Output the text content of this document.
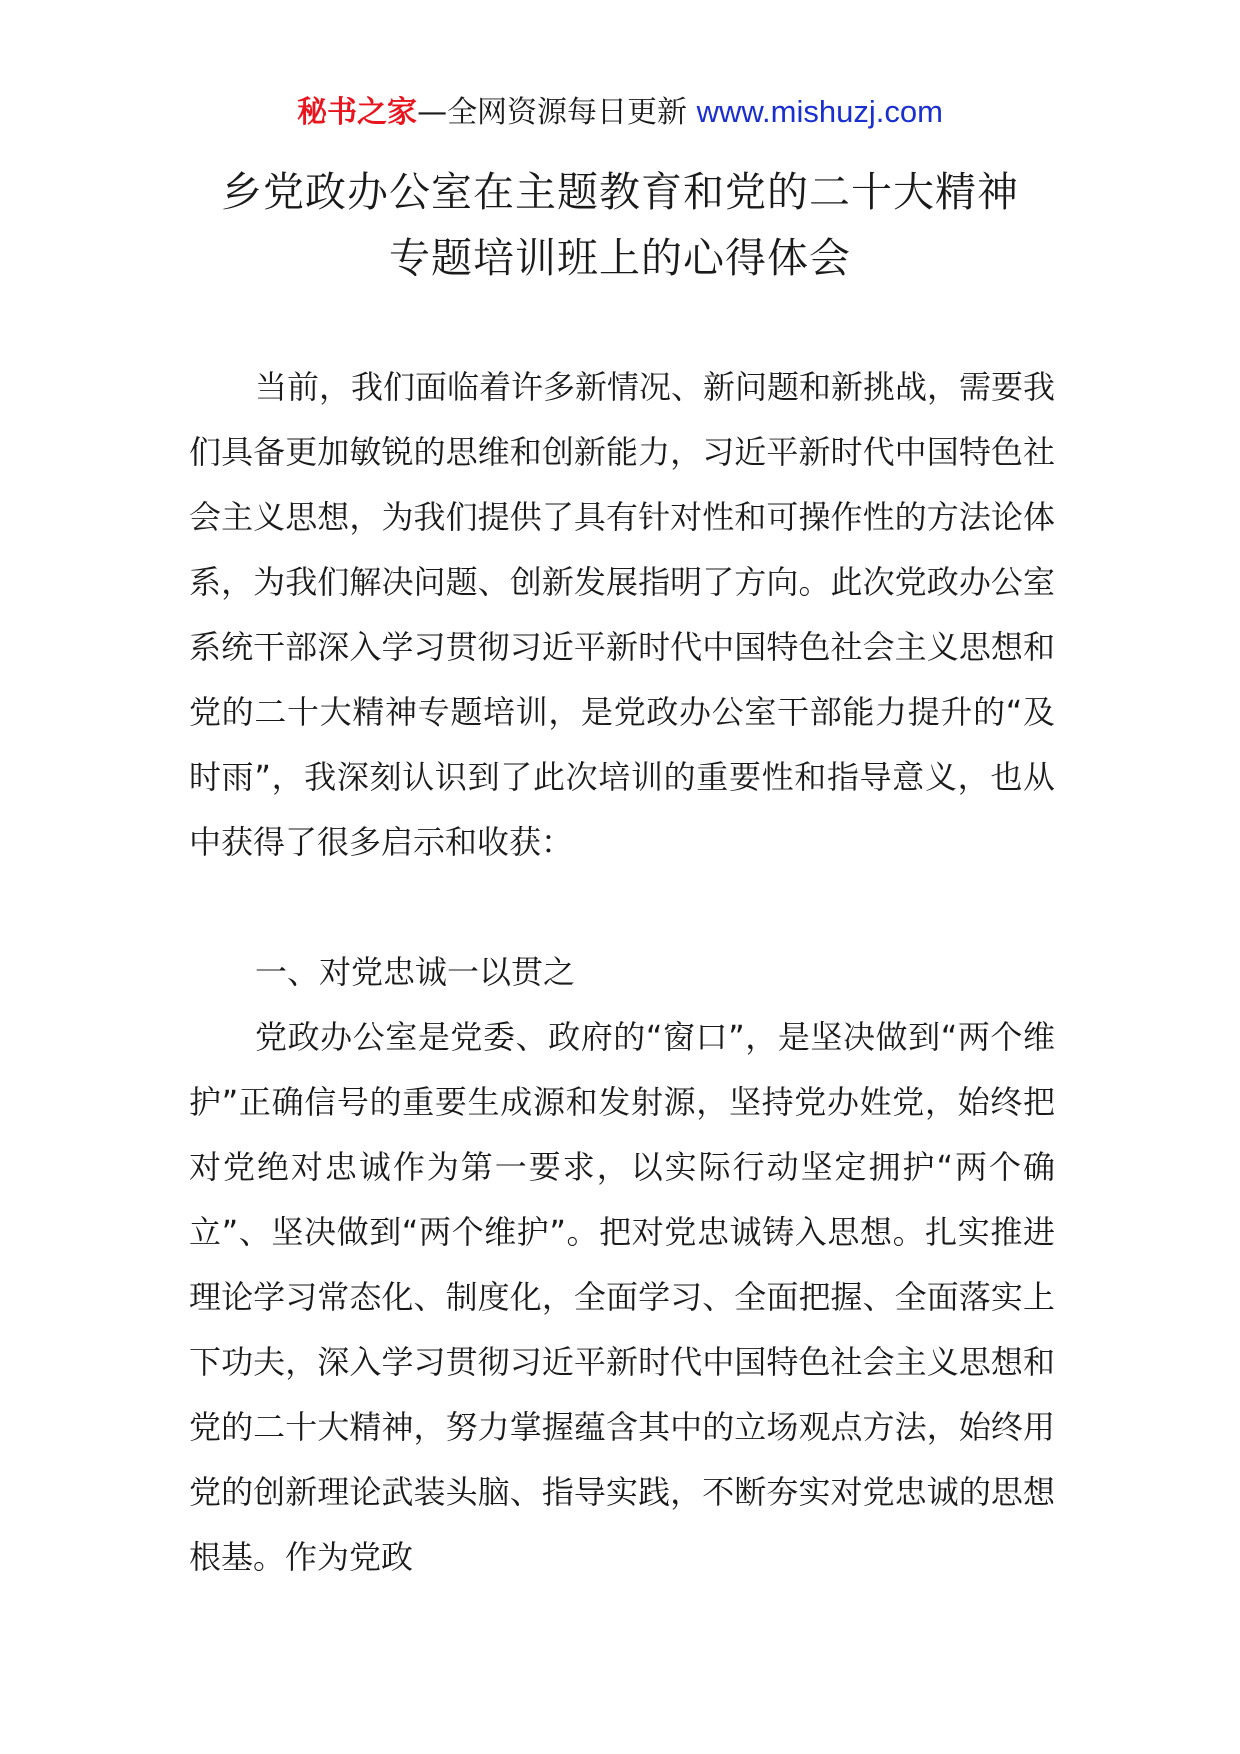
秘书之家—全网资源每日更新 www.mishuzj.com
乡党政办公室在主题教育和党的二十大精神
专题培训班上的心得体会

当前，我们面临着许多新情况、新问题和新挑战，需要我们具备更加敏锐的思维和创新能力，习近平新时代中国特色社会主义思想，为我们提供了具有针对性和可操作性的方法论体系，为我们解决问题、创新发展指明了方向。此次党政办公室系统干部深入学习贯彻习近平新时代中国特色社会主义思想和党的二十大精神专题培训，是党政办公室干部能力提升的“及时雨”，我深刻认识到了此次培训的重要性和指导意义，也从中获得了很多启示和收获：

一、对党忠诚一以贯之

党政办公室是党委、政府的“窗口”，是坚决做到“两个维护”正确信号的重要生成源和发射源，坚持党办姓党，始终把对党绝对忠诚作为第一要求，以实际行动坚定拥护“两个确立”、坚决做到“两个维护”。把对党忠诚铸入思想。扎实推进理论学习常态化、制度化，全面学习、全面把握、全面落实上下功夫，深入学习贯彻习近平新时代中国特色社会主义思想和党的二十大精神，努力掌握蕴含其中的立场观点方法，始终用党的创新理论武装头脑、指导实践，不断夯实对党忠诚的思想根基。作为党政
